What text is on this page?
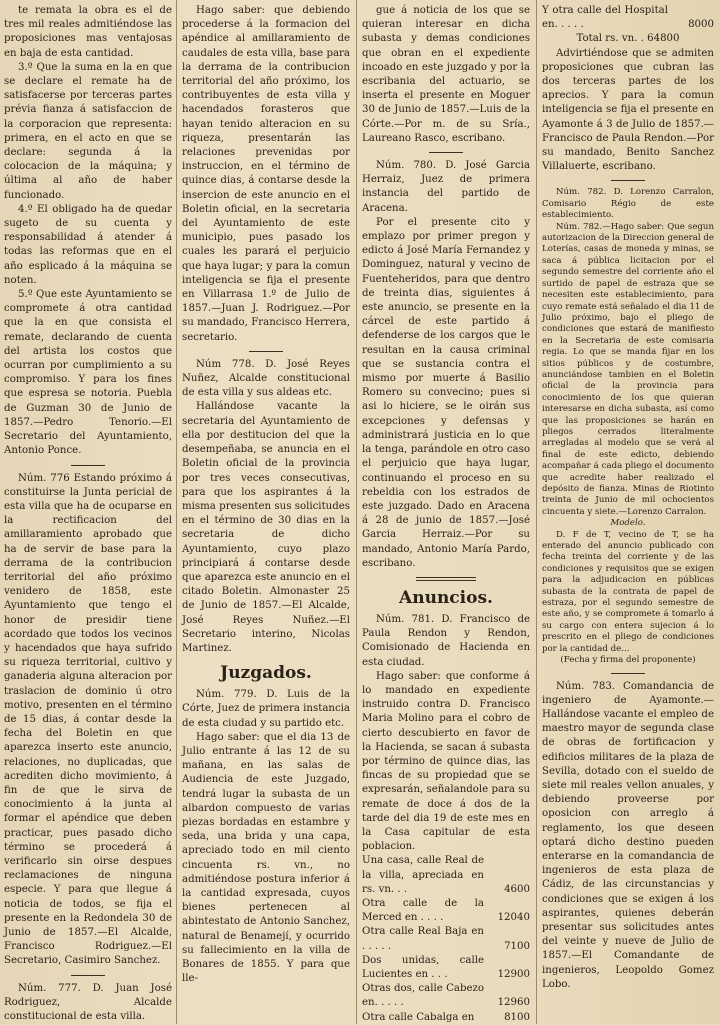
te remata la obra es el de tres mil reales admitiéndose las proposiciones mas ventajosas en baja de esta cantidad.

3.º Que la suma en la en que se declare el remate ha de satisfacerse por terceras partes prévia fianza á satisfaccion de la corporacion que representa: primera, en el acto en que se declare: segunda á la colocacion de la máquina; y última al año de haber funcionado.

4.º El obligado ha de quedar sugeto de su cuenta y responsabilidad á atender á todas las reformas que en el año esplicado á la máquina se noten.

5.º Que este Ayuntamiento se compromete á otra cantidad que la en que consista el remate, declarando de cuenta del artista los costos que ocurran por cumplimiento a su compromiso. Y para los fines que espresa se notoria. Puebla de Guzman 30 de Junio de 1857.—Pedro Tenorio.—El Secretario del Ayuntamiento, Antonio Ponce.

Núm. 776 Estando próximo á constituirse la Junta pericial de esta villa que ha de ocuparse en la rectificacion del amillaramiento aprobado que ha de servir de base para la derrama de la contribucion territorial del año próximo venidero de 1858, este Ayuntamiento que tengo el honor de presidir tiene acordado que todos los vecinos y hacendados que haya sufrido su riqueza territorial, cultivo y ganaderia alguna alteracion por traslacion de dominio ú otro motivo, presenten en el término de 15 dias, á contar desde la fecha del Boletin en que aparezca inserto este anuncio, relaciones, no duplicadas, que acrediten dicho movimiento, á fin de que le sirva de conocimiento á la junta al formar el apéndice que deben practicar, pues pasado dicho término se procederá á verificarlo sin oirse despues reclamaciones de ninguna especie. Y para que llegue á noticia de todos, se fija el presente en la Redondela 30 de Junio de 1857.—El Alcalde, Francisco Rodriguez.—El Secretario, Casimiro Sanchez.

Núm. 777. D. Juan José Rodriguez, Alcalde constitucional de esta villa.

Hago saber: que debiendo procederse á la formacion del apéndice al amillaramiento de caudales de esta villa, base para la derrama de la contribucion territorial del año próximo, los contribuyentes de esta villa y hacendados forasteros que hayan tenido alteracion en su riqueza, presentarán las relaciones prevenidas por instruccion, en el término de quince dias, á contarse desde la insercion de este anuncio en el Boletin oficial, en la secretaria del Ayuntamiento de este municipio, pues pasado los cuales les parará el perjuicio que haya lugar; y para la comun inteligencia se fija el presente en Villarrasa 1.º de Julio de 1857.—Juan J. Rodriguez.—Por su mandado, Francisco Herrera, secretario.

Núm 778. D. José Reyes Nuñez, Alcalde constitucional de esta villa y sus aldeas etc.

Hallándose vacante la secretaria del Ayuntamiento de ella por destitucion del que la desempeñaba, se anuncia en el Boletin oficial de la provincia por tres veces consecutivas, para que los aspirantes á la misma presenten sus solicitudes en el término de 30 dias en la secretaria de dicho Ayuntamiento, cuyo plazo principiará á contarse desde que aparezca este anuncio en el citado Boletin. Almonaster 25 de Junio de 1857.—El Alcalde, José Reyes Nuñez.—El Secretario interino, Nicolas Martinez.

Juzgados.

Núm. 779. D. Luis de la Córte, Juez de primera instancia de esta ciudad y su partido etc.

Hago saber: que el dia 13 de Julio entrante á las 12 de su mañana, en las salas de Audiencia de este Juzgado, tendrá lugar la subasta de un albardon compuesto de varias piezas bordadas en estambre y seda, una brida y una capa, apreciado todo en mil ciento cincuenta rs. vn., no admitiéndose postura inferior á la cantidad expresada, cuyos bienes pertenecen al abintestato de Antonio Sanchez, natural de Benamejí, y ocurrido su fallecimiento en la villa de Bonares de 1855. Y para que lle-

gue á noticia de los que se quieran interesar en dicha subasta y demas condiciones que obran en el expediente incoado en este juzgado y por la escribania del actuario, se inserta el presente en Moguer 30 de Junio de 1857.—Luis de la Córte.—Por m. de su Sría., Laureano Rasco, escribano.

Núm. 780. D. José Garcia Herraiz, Juez de primera instancia del partido de Aracena.

Por el presente cito y emplazo por primer pregon y edicto á José María Fernandez y Dominguez, natural y vecino de Fuenteheridos, para que dentro de treinta dias, siguientes á este anuncio, se presente en la cárcel de este partido á defenderse de los cargos que le resultan en la causa criminal que se sustancia contra el mismo por muerte á Basilio Romero su convecino; pues si asi lo hiciere, se le oirán sus excepciones y defensas y administrará justicia en lo que la tenga, parándole en otro caso el perjuicio que haya lugar, continuando el proceso en su rebeldia con los estrados de este juzgado. Dado en Aracena á 28 de junio de 1857.—José Garcia Herraiz.—Por su mandado, Antonio María Pardo, escribano.

Anuncios.

Núm. 781. D. Francisco de Paula Rendon y Rendon, Comisionado de Hacienda en esta ciudad.

Hago saber: que conforme á lo mandado en expediente instruido contra D. Francisco Maria Molino para el cobro de cierto descubierto en favor de la Hacienda, se sacan á subasta por término de quince dias, las fincas de su propiedad que se expresarán, señalandole para su remate de doce á dos de la tarde del dia 19 de este mes en la Casa capitular de esta poblacion.

Una casa, calle Real de la villa, apreciada en rs. vn. . .	4600
Otra calle de la Merced en . . . .	12040
Otra calle Real Baja en . . . . .	7100
Dos unidas, calle Lucientes en . . .	12900
Otras dos, calle Cabezo en. . . . .	12960
Otra calle Cabalga en	8100
Y otra calle del Hospital en. . . . .	8000

Total rs. vn. . 64800

Advirtiéndose que se admiten proposiciones que cubran las dos terceras partes de los aprecios. Y para la comun inteligencia se fija el presente en Ayamonte á 3 de Julio de 1857.—Francisco de Paula Rendon.—Por su mandado, Benito Sanchez Villaluerte, escribano.

Núm. 782. D. Lorenzo Carralon, Comisario Régio de este establecimiento.

Núm. 782.—Hago saber: Que segun autorizacion de la Direccion general de Loterías, casas de moneda y minas, se saca á pública licitacion por el segundo semestre del corriente año el surtido de papel de estraza que se necesiten este establecimiento, para cuyo remate está señalado el dia 11 de Julio próximo, bajo el pliego de condiciones que estará de manifiesto en la Secretaria de este comisaria regia. Lo que se manda fijar en los sitios públicos y de costumbre, anunciándose tambien en el Boletin oficial de la provincia para conocimiento de los que quieran interesarse en dicha subasta, así como que las proposiciones se harán en pliegos cerrados literalmente arregladas al modelo que se verá al final de este edicto, debiendo acompañar á cada pliego el documento que acredite haber realizado el depósito de fianza. Minas de Riotinto treinta de Junio de mil ochocientos cincuenta y siete.—Lorenzo Carralon.

Modelo.

D. F de T, vecino de T, se ha enterado del anuncio publicado con fecha treinta del corriente y de las condiciones y requisitos que se exigen para la adjudicacion en públicas subasta de la contrata de papel de estraza, por el segundo semestre de este año, y se compromete á tomarlo á su cargo con entera sujecion á lo prescrito en el pliego de condiciones por la cantidad de...

(Fecha y firma del proponente)

Núm. 783. Comandancia de ingeniero de Ayamonte.—Hallándose vacante el empleo de maestro mayor de segunda clase de obras de fortificacion y edificios militares de la plaza de Sevilla, dotado con el sueldo de siete mil reales vellon anuales, y debiendo proveerse por oposicion con arreglo á reglamento, los que deseen optará dicho destino pueden enterarse en la comandancia de ingenieros de esta plaza de Cádiz, de las circunstancias y condiciones que se exigen á los aspirantes, quienes deberán presentar sus solicitudes antes del veinte y nueve de Julio de 1857.—El Comandante de ingenieros, Leopoldo Gomez Lobo.
